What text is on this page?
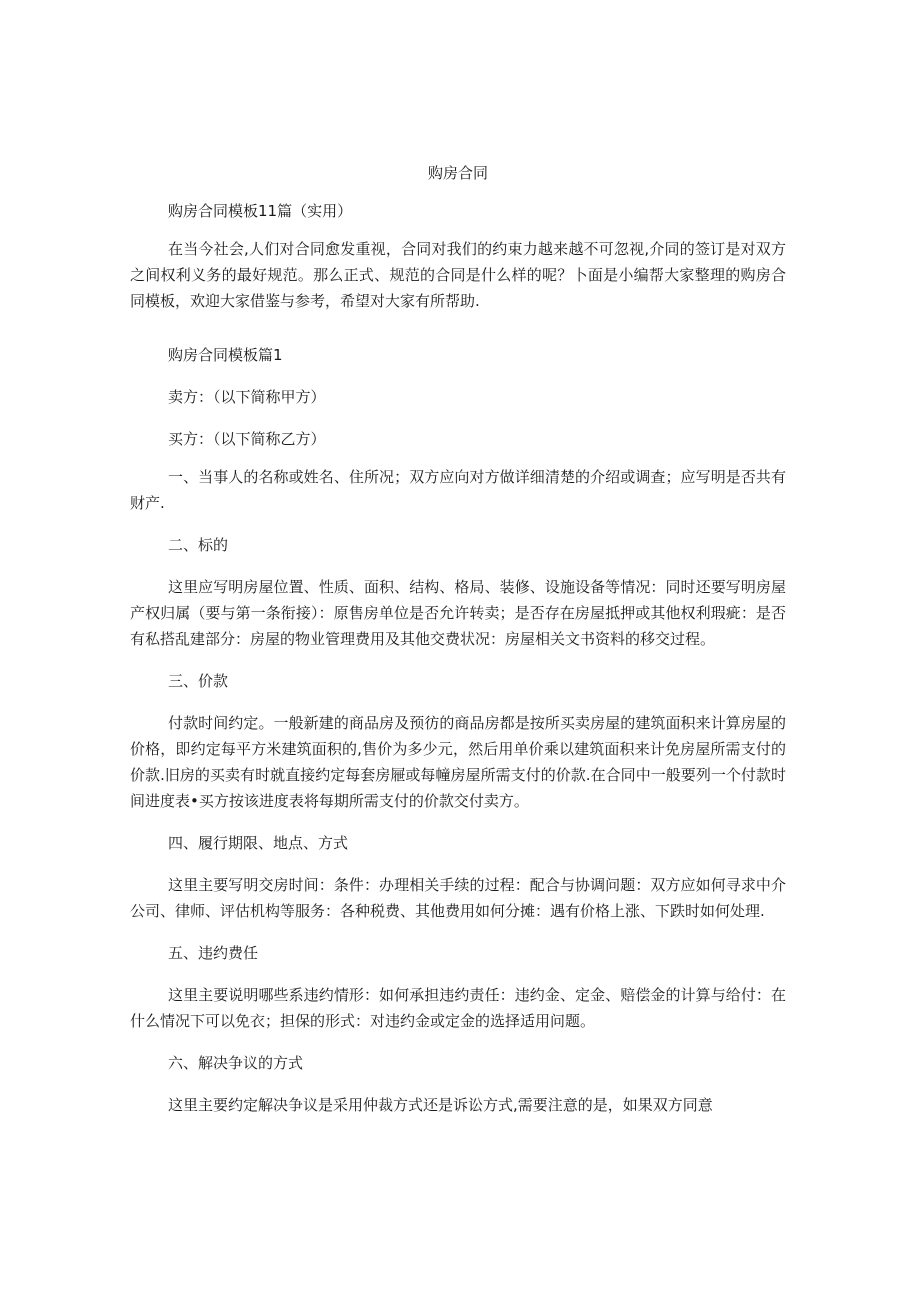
购房合同

购房合同模板11篇（实用）

在当今社会,人们对合同愈发重视，合同对我们的约束力越来越不可忽视,介同的签订是对双方之间权利义务的最好规范。那么正式、规范的合同是什么样的呢？卜面是小编帮大家整理的购房合同模板，欢迎大家借鉴与参考，希望对大家有所帮助.

购房合同模板篇1

卖方：（以下简称甲方）

买方：（以下简称乙方）

一、当事人的名称或姓名、住所况；双方应向对方做详细清楚的介绍或调查；应写明是否共有财产.

二、标的

这里应写明房屋位置、性质、面积、结构、格局、装修、设施设备等情况：同时还要写明房屋产权归属（要与第一条衔接）：原售房单位是否允许转卖；是否存在房屋抵押或其他权利瑕疵：是否有私搭乱建部分：房屋的物业管理费用及其他交费状况：房屋相关文书资料的移交过程。

三、价款

付款时间约定。一般新建的商品房及预彷的商品房都是按所买卖房屋的建筑面积来计算房屋的价格，即约定每平方米建筑面积的,售价为多少元，然后用单价乘以建筑面积来计免房屋所需支付的价款.旧房的买卖有时就直接约定每套房屜或每幢房屋所需支付的价款.在合同中一般要列一个付款时间进度表•买方按该进度表将每期所需支付的价款交付卖方。

四、履行期限、地点、方式

这里主要写明交房时间：条件：办理相关手续的过程：配合与协调问题：双方应如何寻求中介公司、律师、评估机构等服务：各种税费、其他费用如何分摊：遇有价格上涨、下跌时如何处理.

五、违约费任

这里主要说明哪些系违约情形：如何承担违约责任：违约金、定金、赔偿金的计算与给付：在什么情况下可以免衣；担保的形式：对违约金或定金的选择适用问题。

六、解决争议的方式

这里主要约定解决争议是采用仲裁方式还是诉讼方式,需要注意的是，如果双方同意
